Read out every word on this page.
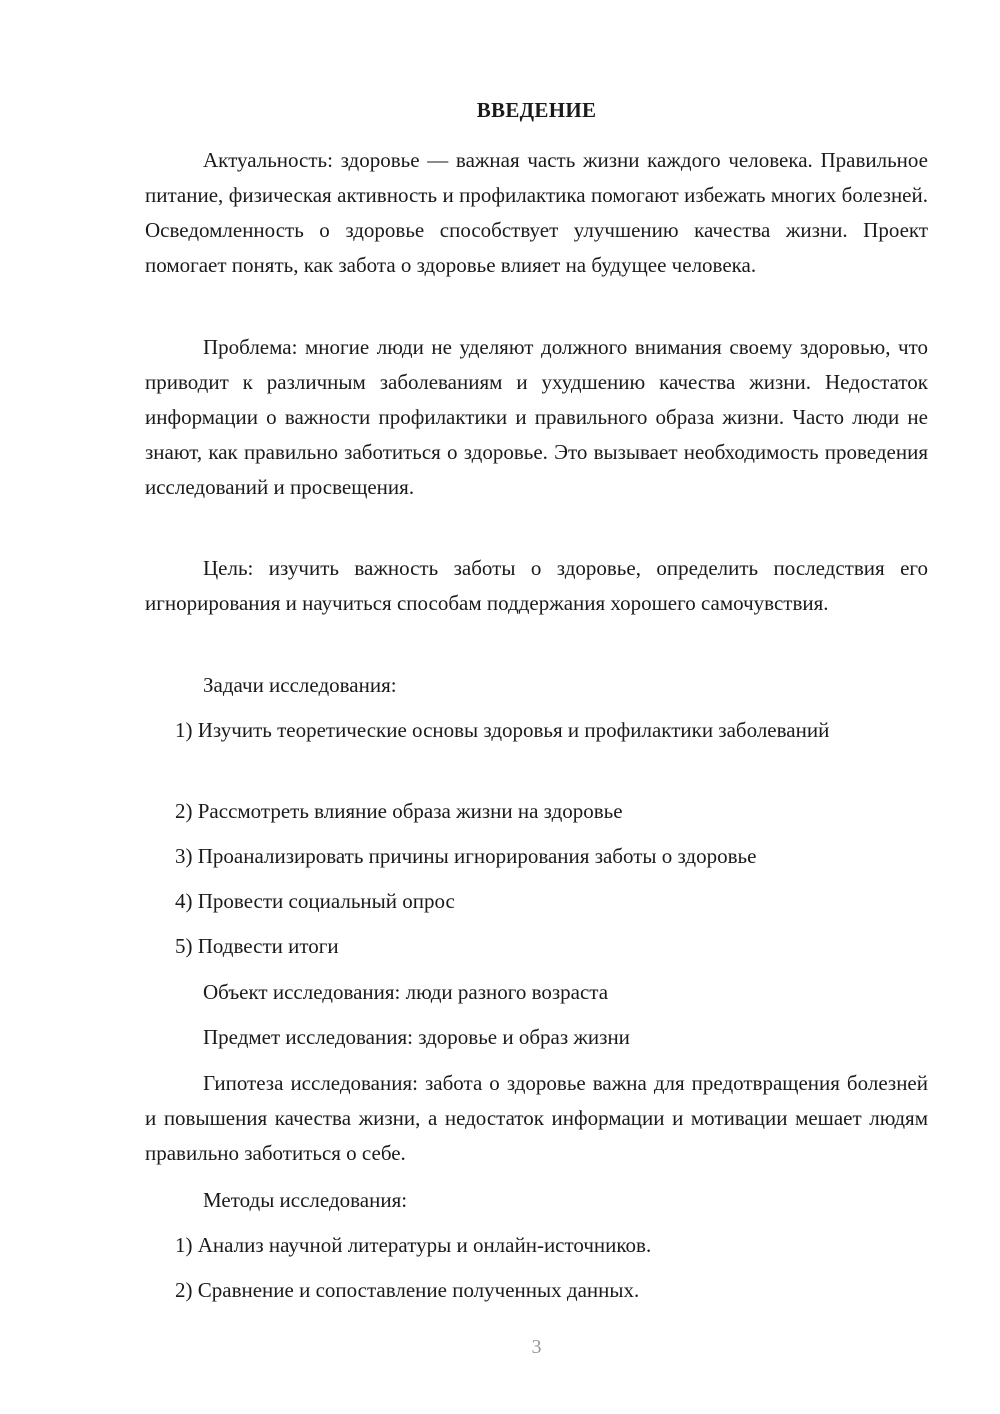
ВВЕДЕНИЕ

Актуальность: здоровье — важная часть жизни каждого человека. Правильное питание, физическая активность и профилактика помогают избежать многих болезней. Осведомленность о здоровье способствует улучшению качества жизни. Проект помогает понять, как забота о здоровье влияет на будущее человека.

Проблема: многие люди не уделяют должного внимания своему здоровью, что приводит к различным заболеваниям и ухудшению качества жизни. Недостаток информации о важности профилактики и правильного образа жизни. Часто люди не знают, как правильно заботиться о здоровье. Это вызывает необходимость проведения исследований и просвещения.

Цель: изучить важность заботы о здоровье, определить последствия его игнорирования и научиться способам поддержания хорошего самочувствия.

Задачи исследования:

1) Изучить теоретические основы здоровья и профилактики заболеваний

2) Рассмотреть влияние образа жизни на здоровье

3) Проанализировать причины игнорирования заботы о здоровье

4) Провести социальный опрос

5) Подвести итоги

Объект исследования: люди разного возраста

Предмет исследования: здоровье и образ жизни

Гипотеза исследования: забота о здоровье важна для предотвращения болезней и повышения качества жизни, а недостаток информации и мотивации мешает людям правильно заботиться о себе.

Методы исследования:

1) Анализ научной литературы и онлайн-источников.

2) Сравнение и сопоставление полученных данных.

3
